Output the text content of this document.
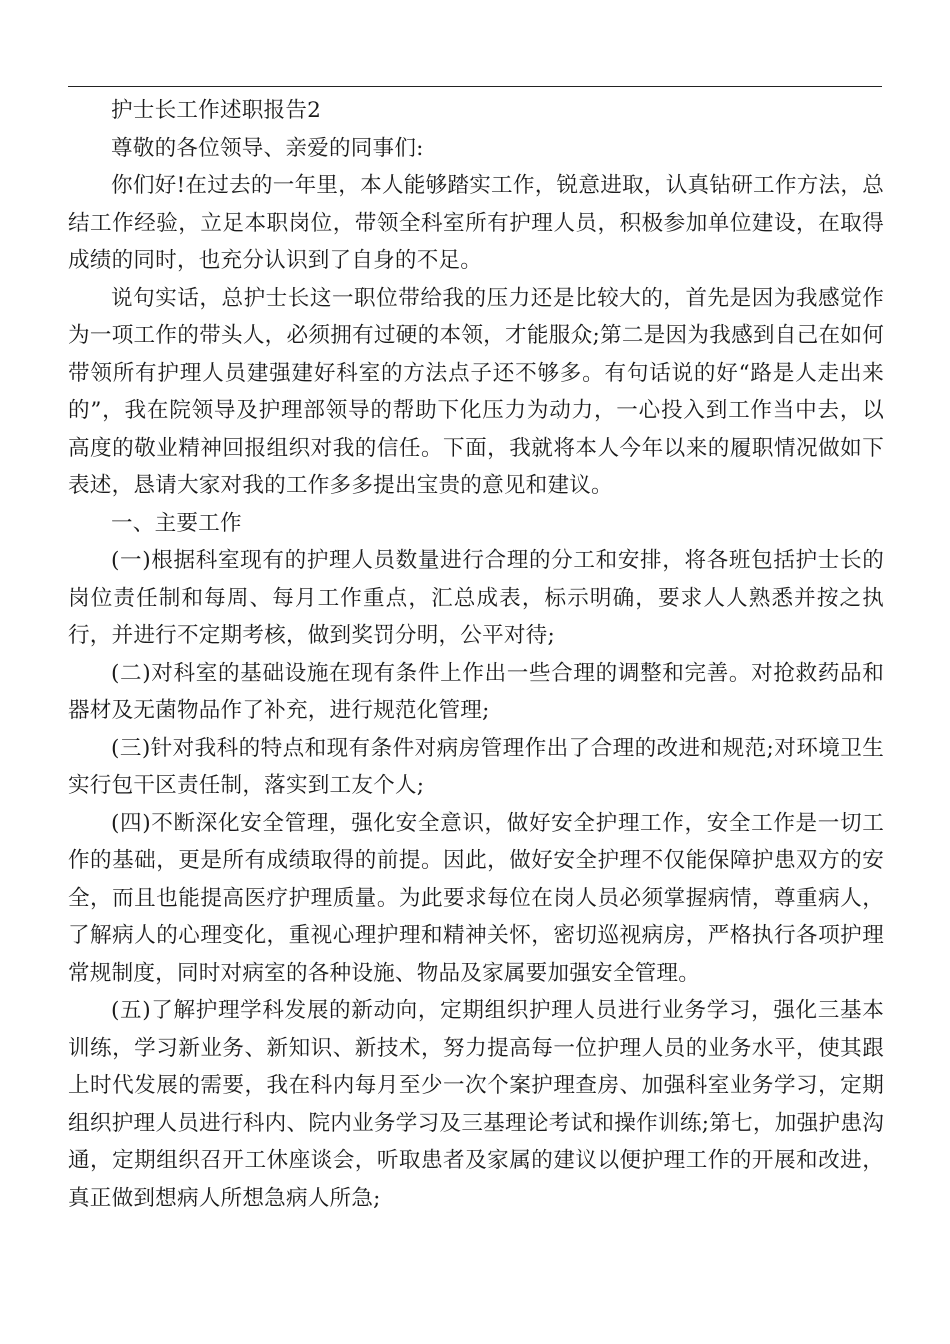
护士长工作述职报告2

尊敬的各位领导、亲爱的同事们:

你们好!在过去的一年里，本人能够踏实工作，锐意进取，认真钻研工作方法，总结工作经验，立足本职岗位，带领全科室所有护理人员，积极参加单位建设，在取得成绩的同时，也充分认识到了自身的不足。

说句实话，总护士长这一职位带给我的压力还是比较大的，首先是因为我感觉作为一项工作的带头人，必须拥有过硬的本领，才能服众;第二是因为我感到自己在如何带领所有护理人员建强建好科室的方法点子还不够多。有句话说的好“路是人走出来的”，我在院领导及护理部领导的帮助下化压力为动力，一心投入到工作当中去，以高度的敬业精神回报组织对我的信任。下面，我就将本人今年以来的履职情况做如下表述，恳请大家对我的工作多多提出宝贵的意见和建议。

一、主要工作

(一)根据科室现有的护理人员数量进行合理的分工和安排，将各班包括护士长的岗位责任制和每周、每月工作重点，汇总成表，标示明确，要求人人熟悉并按之执行，并进行不定期考核，做到奖罚分明，公平对待;

(二)对科室的基础设施在现有条件上作出一些合理的调整和完善。对抢救药品和器材及无菌物品作了补充，进行规范化管理;

(三)针对我科的特点和现有条件对病房管理作出了合理的改进和规范;对环境卫生实行包干区责任制，落实到工友个人;

(四)不断深化安全管理，强化安全意识，做好安全护理工作，安全工作是一切工作的基础，更是所有成绩取得的前提。因此，做好安全护理不仅能保障护患双方的安全，而且也能提高医疗护理质量。为此要求每位在岗人员必须掌握病情，尊重病人，了解病人的心理变化，重视心理护理和精神关怀，密切巡视病房，严格执行各项护理常规制度，同时对病室的各种设施、物品及家属要加强安全管理。

(五)了解护理学科发展的新动向，定期组织护理人员进行业务学习，强化三基本训练，学习新业务、新知识、新技术，努力提高每一位护理人员的业务水平，使其跟上时代发展的需要，我在科内每月至少一次个案护理查房、加强科室业务学习，定期组织护理人员进行科内、院内业务学习及三基理论考试和操作训练;第七，加强护患沟通，定期组织召开工休座谈会，听取患者及家属的建议以便护理工作的开展和改进，真正做到想病人所想急病人所急;
